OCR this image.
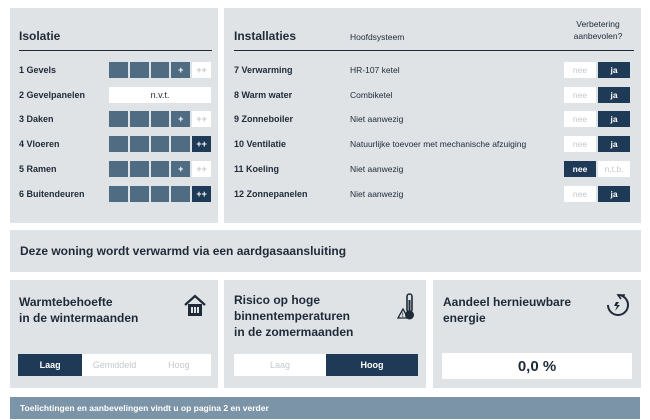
Isolatie
1 Gevels	+	++
2 Gevelpanelen	n.v.t.
3 Daken	+	++
4 Vloeren	++
5 Ramen	+	++
6 Buitendeuren	++
Installaties	Hoofdsysteem
Verbetering
aanbevolen?
7 Verwarming	HR-107 ketel	nee	ja
8 Warm water	Combiketel	nee	ja
9 Zonneboiler	Niet aanwezig	nee	ja
10 Ventilatie	Natuurlijke toevoer met mechanische afzuiging	nee	ja
11 Koeling	Niet aanwezig	nee	n.t.b.
12 Zonnepanelen	Niet aanwezig	nee	ja
Deze woning wordt verwarmd via een aardgasaansluiting
Warmtebehoefte
in de wintermaanden
Laag	Gemiddeld	Hoog
Risico op hoge
binnentemperaturen
in de zomermaanden
!
Laag	Hoog
Aandeel hernieuwbare
energie
0,0 %
Toelichtingen en aanbevelingen vindt u op pagina 2 en verder
